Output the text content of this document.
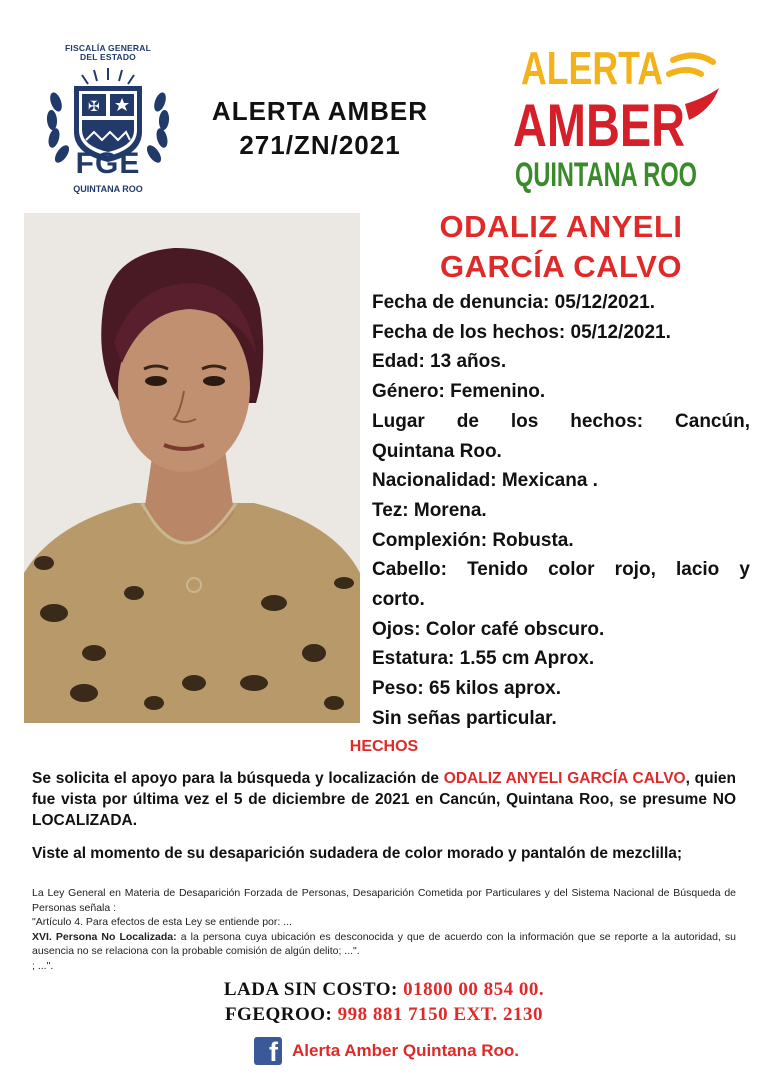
FISCALÍA GENERAL
DEL ESTADO
✠
FGE
QUINTANA ROO
ALERTA AMBER
271/ZN/2021
ALERTA
AMBER
QUINTANA ROO
ODALIZ ANYELI
GARCÍA CALVO
Fecha de denuncia: 05/12/2021.
Fecha de los hechos: 05/12/2021.
Edad: 13 años.
Género: Femenino.
Lugar de los hechos: Cancún,
Quintana Roo.
Nacionalidad: Mexicana .
Tez: Morena.
Complexión: Robusta.
Cabello: Tenido color rojo, lacio y
corto.
Ojos: Color café obscuro.
Estatura: 1.55 cm Aprox.
Peso: 65 kilos aprox.
Sin señas particular.
HECHOS
Se solicita el apoyo para la búsqueda y localización de ODALIZ ANYELI GARCÍA CALVO, quien fue vista por última vez el 5 de diciembre de 2021 en Cancún, Quintana Roo, se presume NO LOCALIZADA.
Viste al momento de su desaparición sudadera de color morado y pantalón de mezclilla;
La Ley General en Materia de Desaparición Forzada de Personas, Desaparición Cometida por Particulares y del Sistema Nacional de Búsqueda de Personas señala :
"Artículo 4. Para efectos de esta Ley se entiende por: ...
XVI. Persona No Localizada: a la persona cuya ubicación es desconocida y que de acuerdo con la información que se reporte a la autoridad, su ausencia no se relaciona con la probable comisión de algún delito; ...".
; ...".
LADA SIN COSTO: 01800 00 854 00.
FGEQROO: 998 881 7150 EXT. 2130
f Alerta Amber Quintana Roo.
